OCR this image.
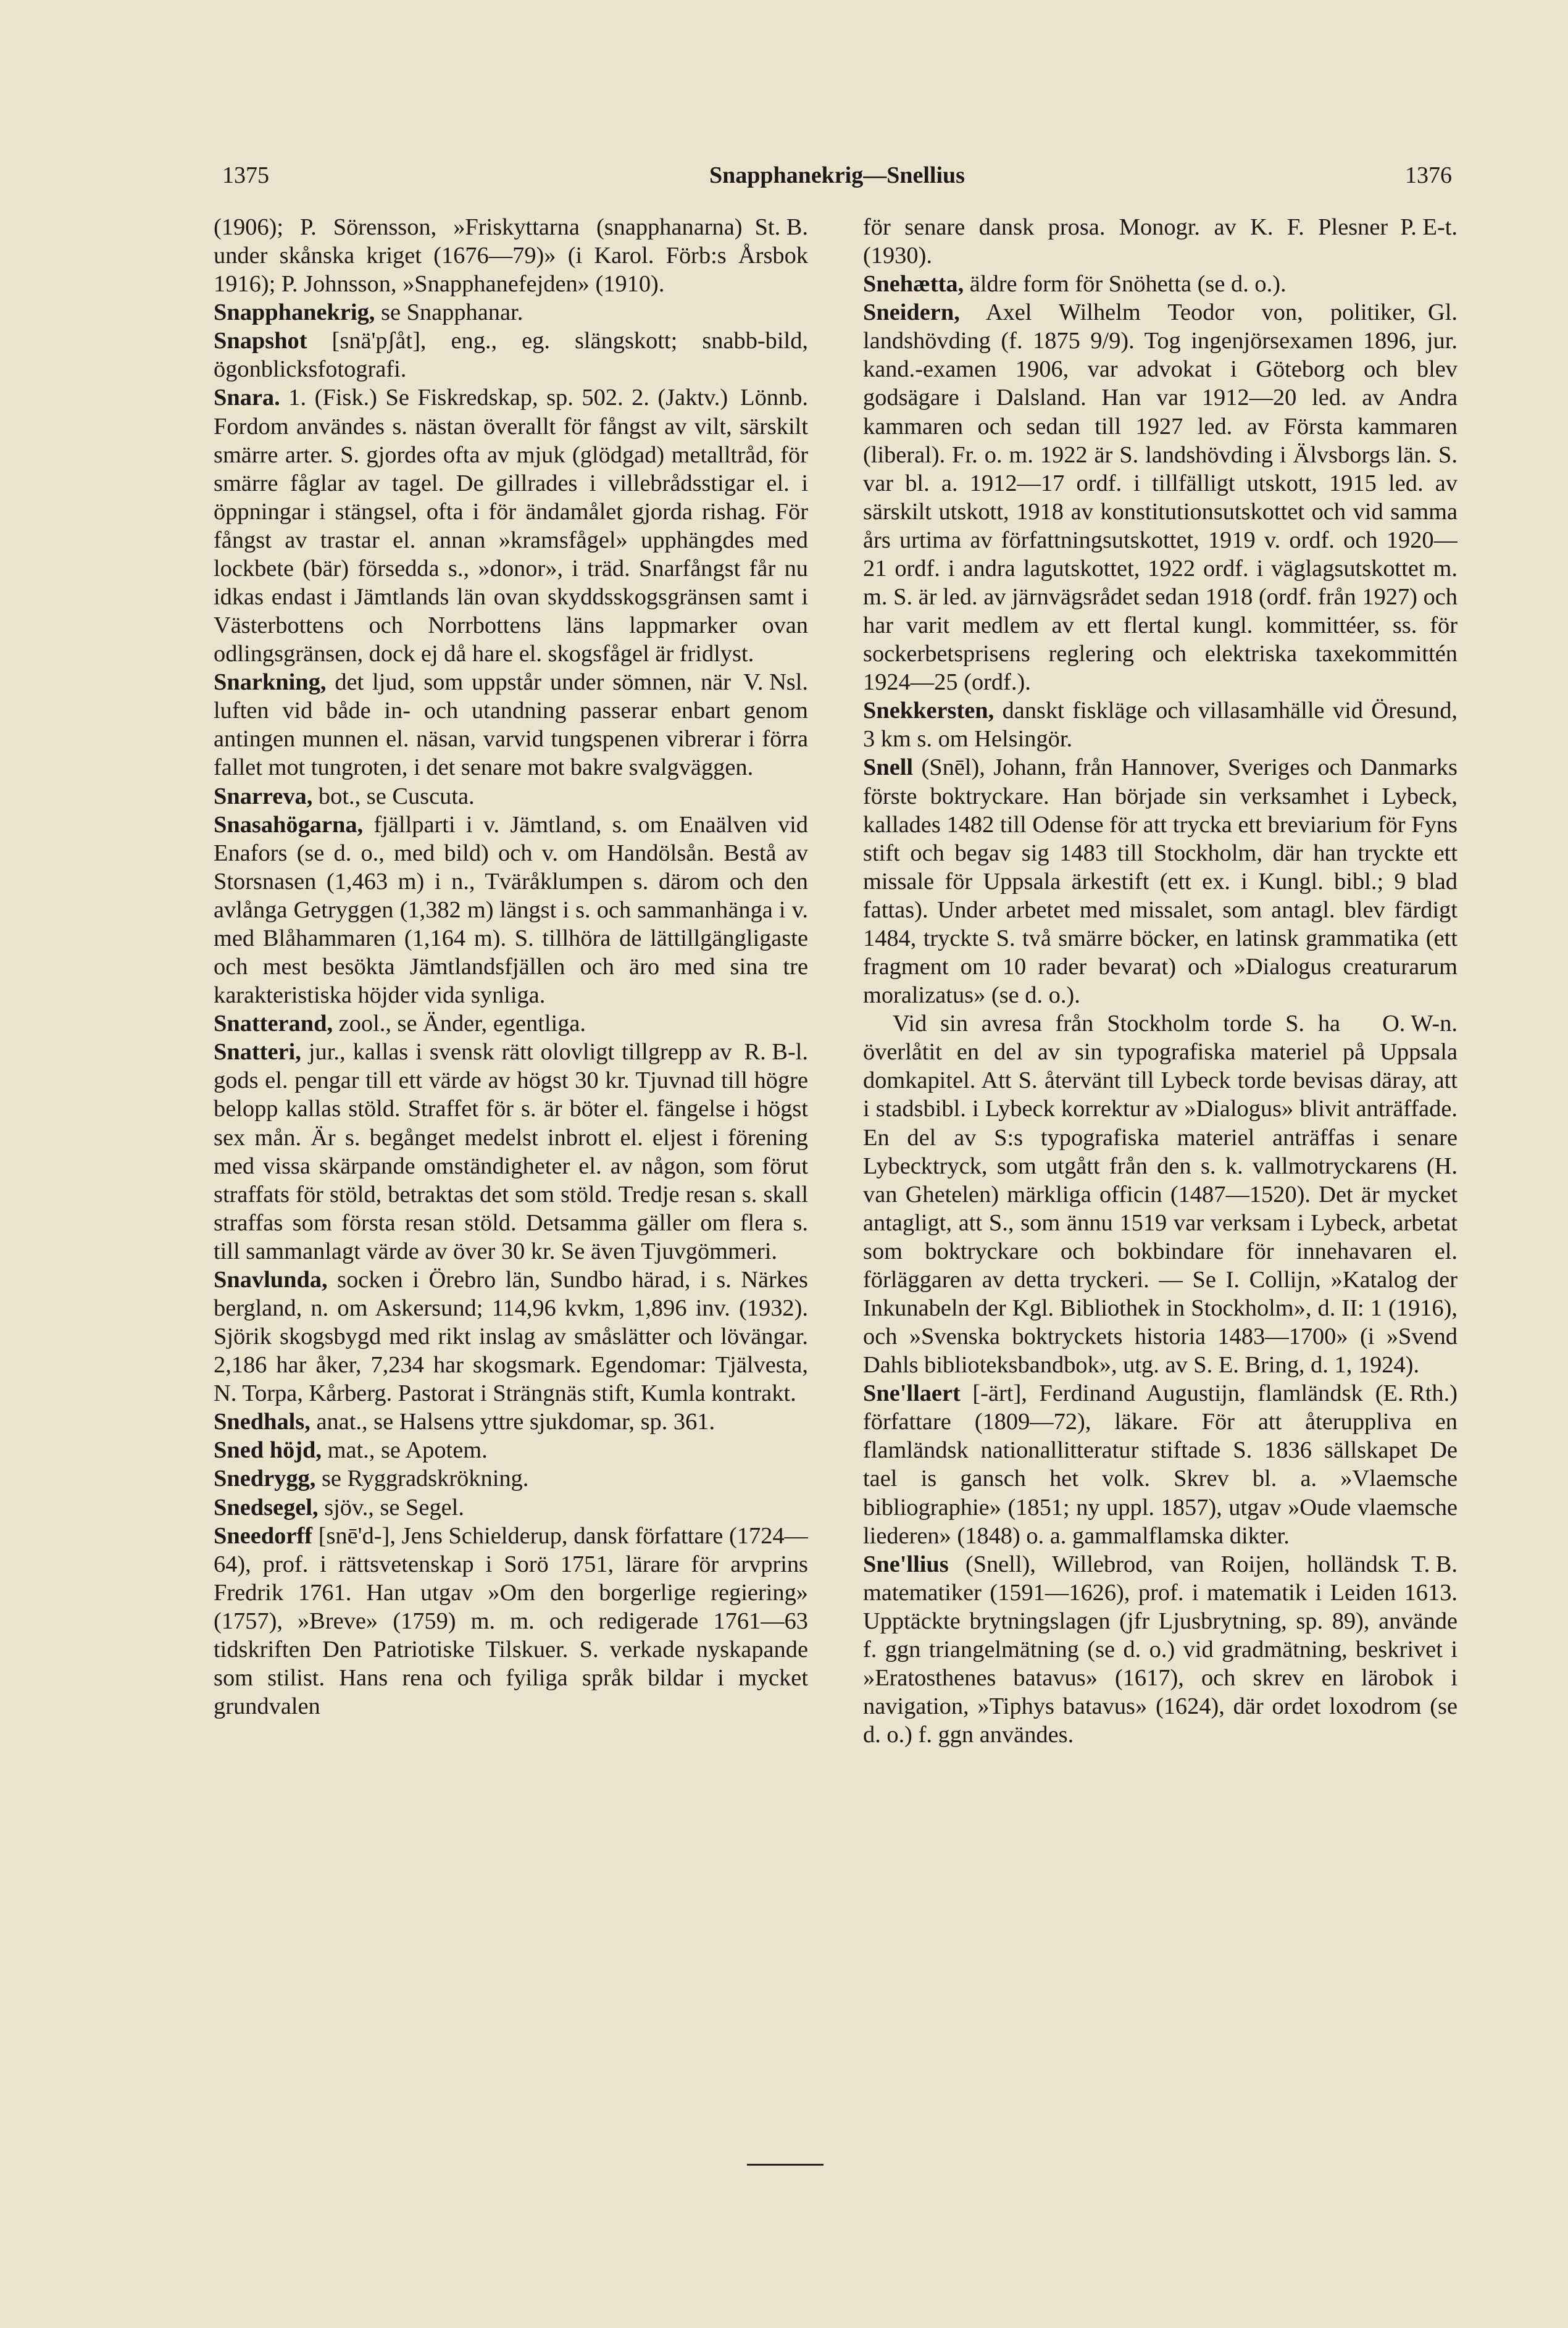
1375	Snapphanekrig—Snellius	1376

St. B.
(1906); P. Sörensson, »Friskyttarna (snapphanarna) under skånska kriget (1676—79)» (i Karol. Förb:s Årsbok 1916); P. Johnsson, »Snapphanefejden» (1910).

Snapphanekrig, se Snapphanar.

Snapshot [snä'pʃåt], eng., eg. slängskott; snabb-bild, ögonblicksfotografi.

Lönnb.
Snara. 1. (Fisk.) Se Fiskredskap, sp. 502. 2. (Jaktv.) Fordom användes s. nästan överallt för fångst av vilt, särskilt smärre arter. S. gjordes ofta av mjuk (glödgad) metalltråd, för smärre fåglar av tagel. De gillrades i villebrådsstigar el. i öppningar i stängsel, ofta i för ändamålet gjorda rishag. För fångst av trastar el. annan »kramsfågel» upphängdes med lockbete (bär) försedda s., »donor», i träd. Snarfångst får nu idkas endast i Jämtlands län ovan skyddsskogsgränsen samt i Västerbottens och Norrbottens läns lappmarker ovan odlingsgränsen, dock ej då hare el. skogsfågel är fridlyst.

V. Nsl.
Snarkning, det ljud, som uppstår under sömnen, när luften vid både in- och utandning passerar enbart genom antingen munnen el. näsan, varvid tungspenen vibrerar i förra fallet mot tungroten, i det senare mot bakre svalgväggen.

Snarreva, bot., se Cuscuta.

Snasahögarna, fjällparti i v. Jämtland, s. om Enaälven vid Enafors (se d. o., med bild) och v. om Handölsån. Bestå av Storsnasen (1,463 m) i n., Tväråklumpen s. därom och den avlånga Getryggen (1,382 m) längst i s. och sammanhänga i v. med Blåhammaren (1,164 m). S. tillhöra de lättillgängligaste och mest besökta Jämtlandsfjällen och äro med sina tre karakteristiska höjder vida synliga.

Snatterand, zool., se Änder, egentliga.

R. B-l.
Snatteri, jur., kallas i svensk rätt olovligt tillgrepp av gods el. pengar till ett värde av högst 30 kr. Tjuvnad till högre belopp kallas stöld. Straffet för s. är böter el. fängelse i högst sex mån. Är s. begånget medelst inbrott el. eljest i förening med vissa skärpande omständigheter el. av någon, som förut straffats för stöld, betraktas det som stöld. Tredje resan s. skall straffas som första resan stöld. Detsamma gäller om flera s. till sammanlagt värde av över 30 kr. Se även Tjuvgömmeri.

Snavlunda, socken i Örebro län, Sundbo härad, i s. Närkes bergland, n. om Askersund; 114,96 kvkm, 1,896 inv. (1932). Sjörik skogsbygd med rikt inslag av småslätter och lövängar. 2,186 har åker, 7,234 har skogsmark. Egendomar: Tjälvesta, N. Torpa, Kårberg. Pastorat i Strängnäs stift, Kumla kontrakt.

Snedhals, anat., se Halsens yttre sjukdomar, sp. 361.

Sned höjd, mat., se Apotem.

Snedrygg, se Ryggradskrökning.

Snedsegel, sjöv., se Segel.

Sneedorff [snē'd-], Jens Schielderup, dansk författare (1724—64), prof. i rättsvetenskap i Sorö 1751, lärare för arvprins Fredrik 1761. Han utgav »Om den borgerlige regiering» (1757), »Breve» (1759) m. m. och redigerade 1761—63 tidskriften Den Patriotiske Tilskuer. S. verkade nyskapande som stilist. Hans rena och fyiliga språk bildar i mycket grundvalen

P. E-t.
för senare dansk prosa. Monogr. av K. F. Plesner (1930).

Snehætta, äldre form för Snöhetta (se d. o.).

Gl.
Sneidern, Axel Wilhelm Teodor von, politiker, landshövding (f. 1875 9/9). Tog ingenjörsexamen 1896, jur. kand.-examen 1906, var advokat i Göteborg och blev godsägare i Dalsland. Han var 1912—20 led. av Andra kammaren och sedan till 1927 led. av Första kammaren (liberal). Fr. o. m. 1922 är S. landshövding i Älvsborgs län. S. var bl. a. 1912—17 ordf. i tillfälligt utskott, 1915 led. av särskilt utskott, 1918 av konstitutionsutskottet och vid samma års urtima av författningsutskottet, 1919 v. ordf. och 1920—21 ordf. i andra lagutskottet, 1922 ordf. i väglagsutskottet m. m. S. är led. av järnvägsrådet sedan 1918 (ordf. från 1927) och har varit medlem av ett flertal kungl. kommittéer, ss. för sockerbetsprisens reglering och elektriska taxekommittén 1924—25 (ordf.).

Snekkersten, danskt fiskläge och villasamhälle vid Öresund, 3 km s. om Helsingör.

Snell (Snēl), Johann, från Hannover, Sveriges och Danmarks förste boktryckare. Han började sin verksamhet i Lybeck, kallades 1482 till Odense för att trycka ett breviarium för Fyns stift och begav sig 1483 till Stockholm, där han tryckte ett missale för Uppsala ärkestift (ett ex. i Kungl. bibl.; 9 blad fattas). Under arbetet med missalet, som antagl. blev färdigt 1484, tryckte S. två smärre böcker, en latinsk grammatika (ett fragment om 10 rader bevarat) och »Dialogus creaturarum moralizatus» (se d. o.).

O. W-n.
Vid sin avresa från Stockholm torde S. ha överlåtit en del av sin typografiska materiel på Uppsala domkapitel. Att S. återvänt till Lybeck torde bevisas däray, att i stadsbibl. i Lybeck korrektur av »Dialogus» blivit anträffade. En del av S:s typografiska materiel anträffas i senare Lybecktryck, som utgått från den s. k. vallmotryckarens (H. van Ghetelen) märkliga officin (1487—1520). Det är mycket antagligt, att S., som ännu 1519 var verksam i Lybeck, arbetat som boktryckare och bokbindare för innehavaren el. förläggaren av detta tryckeri. — Se I. Collijn, »Katalog der Inkunabeln der Kgl. Bibliothek in Stockholm», d. II: 1 (1916), och »Svenska boktryckets historia 1483—1700» (i »Svend Dahls biblioteksbandbok», utg. av S. E. Bring, d. 1, 1924).

(E. Rth.)
Sne'llaert [-ärt], Ferdinand Augustijn, flamländsk författare (1809—72), läkare. För att återuppliva en flamländsk nationallitteratur stiftade S. 1836 sällskapet De tael is gansch het volk. Skrev bl. a. »Vlaemsche bibliographie» (1851; ny uppl. 1857), utgav »Oude vlaemsche liederen» (1848) o. a. gammalflamska dikter.

T. B.
Sne'llius (Snell), Willebrod, van Roijen, holländsk matematiker (1591—1626), prof. i matematik i Leiden 1613. Upptäckte brytningslagen (jfr Ljusbrytning, sp. 89), använde f. ggn triangelmätning (se d. o.) vid gradmätning, beskrivet i »Eratosthenes batavus» (1617), och skrev en lärobok i navigation, »Tiphys batavus» (1624), där ordet loxodrom (se d. o.) f. ggn användes.
